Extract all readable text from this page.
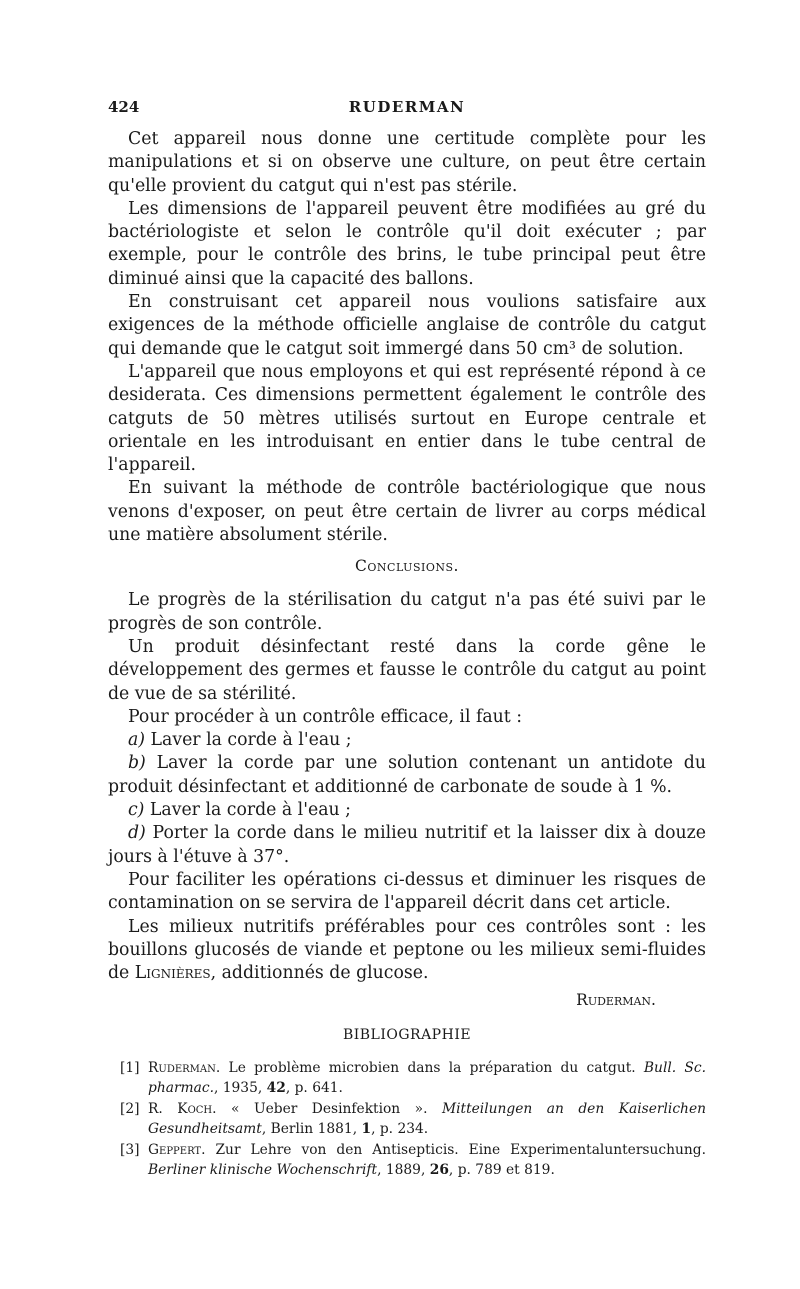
424	RUDERMAN

Cet appareil nous donne une certitude complète pour les manipulations et si on observe une culture, on peut être certain qu'elle provient du catgut qui n'est pas stérile.

Les dimensions de l'appareil peuvent être modifiées au gré du bactériologiste et selon le contrôle qu'il doit exécuter ; par exemple, pour le contrôle des brins, le tube principal peut être diminué ainsi que la capacité des ballons.

En construisant cet appareil nous voulions satisfaire aux exigences de la méthode officielle anglaise de contrôle du catgut qui demande que le catgut soit immergé dans 50 cm³ de solution.

L'appareil que nous employons et qui est représenté répond à ce desiderata. Ces dimensions permettent également le contrôle des catguts de 50 mètres utilisés surtout en Europe centrale et orientale en les introduisant en entier dans le tube central de l'appareil.

En suivant la méthode de contrôle bactériologique que nous venons d'exposer, on peut être certain de livrer au corps médical une matière absolument stérile.

Conclusions.

Le progrès de la stérilisation du catgut n'a pas été suivi par le progrès de son contrôle.

Un produit désinfectant resté dans la corde gêne le développement des germes et fausse le contrôle du catgut au point de vue de sa stérilité.

Pour procéder à un contrôle efficace, il faut :

a) Laver la corde à l'eau ;

b) Laver la corde par une solution contenant un antidote du produit désinfectant et additionné de carbonate de soude à 1 %.

c) Laver la corde à l'eau ;

d) Porter la corde dans le milieu nutritif et la laisser dix à douze jours à l'étuve à 37°.

Pour faciliter les opérations ci-dessus et diminuer les risques de contamination on se servira de l'appareil décrit dans cet article.

Les milieux nutritifs préférables pour ces contrôles sont : les bouillons glucosés de viande et peptone ou les milieux semi-fluides de Lignières, additionnés de glucose.

Ruderman.
BIBLIOGRAPHIE
[1] Ruderman. Le problème microbien dans la préparation du catgut. Bull. Sc. pharmac., 1935, 42, p. 641.
[2] R. Koch. « Ueber Desinfektion ». Mitteilungen an den Kaiserlichen Gesundheitsamt, Berlin 1881, 1, p. 234.
[3] Geppert. Zur Lehre von den Antisepticis. Eine Experimentaluntersuchung. Berliner klinische Wochenschrift, 1889, 26, p. 789 et 819.
